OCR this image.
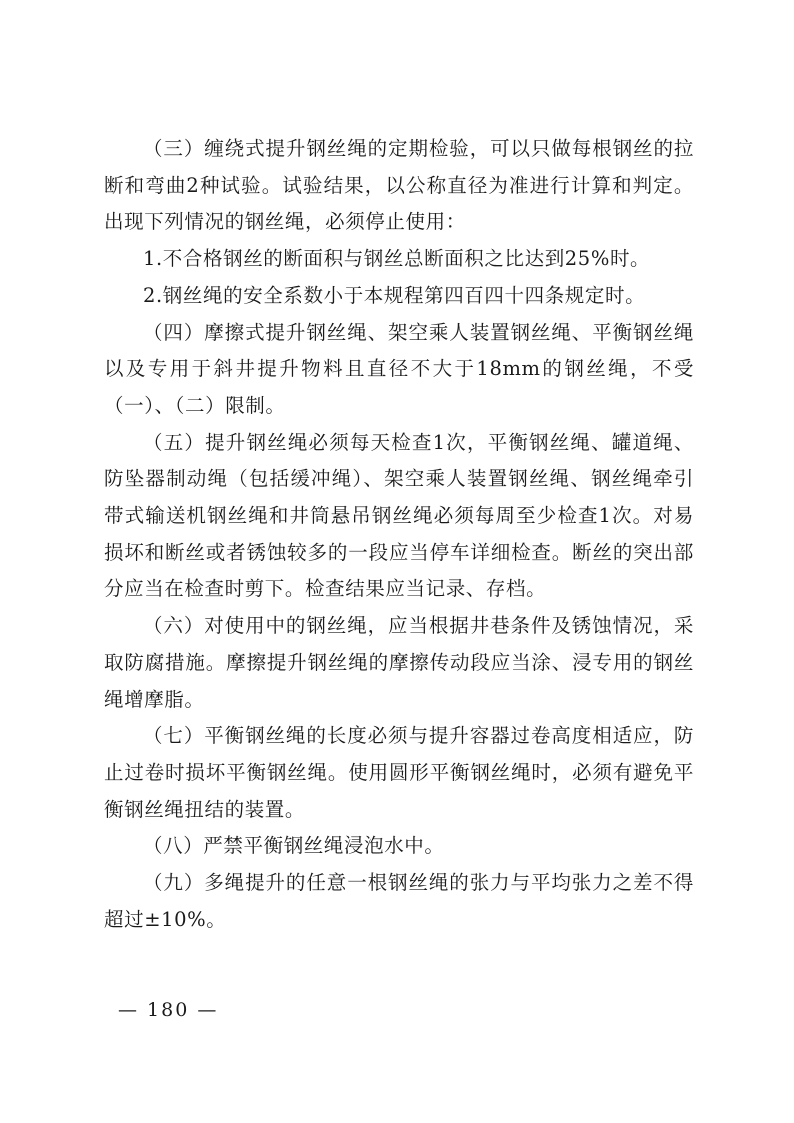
（三）缠绕式提升钢丝绳的定期检验，可以只做每根钢丝的拉断和弯曲2种试验。试验结果，以公称直径为准进行计算和判定。出现下列情况的钢丝绳，必须停止使用：

1.不合格钢丝的断面积与钢丝总断面积之比达到25%时。

2.钢丝绳的安全系数小于本规程第四百四十四条规定时。

（四）摩擦式提升钢丝绳、架空乘人装置钢丝绳、平衡钢丝绳以及专用于斜井提升物料且直径不大于18mm的钢丝绳，不受（一）、（二）限制。

（五）提升钢丝绳必须每天检查1次，平衡钢丝绳、罐道绳、防坠器制动绳（包括缓冲绳）、架空乘人装置钢丝绳、钢丝绳牵引带式输送机钢丝绳和井筒悬吊钢丝绳必须每周至少检查1次。对易损坏和断丝或者锈蚀较多的一段应当停车详细检查。断丝的突出部分应当在检查时剪下。检查结果应当记录、存档。

（六）对使用中的钢丝绳，应当根据井巷条件及锈蚀情况，采取防腐措施。摩擦提升钢丝绳的摩擦传动段应当涂、浸专用的钢丝绳增摩脂。

（七）平衡钢丝绳的长度必须与提升容器过卷高度相适应，防止过卷时损坏平衡钢丝绳。使用圆形平衡钢丝绳时，必须有避免平衡钢丝绳扭结的装置。

（八）严禁平衡钢丝绳浸泡水中。

（九）多绳提升的任意一根钢丝绳的张力与平均张力之差不得超过±10%。

— 180 —
